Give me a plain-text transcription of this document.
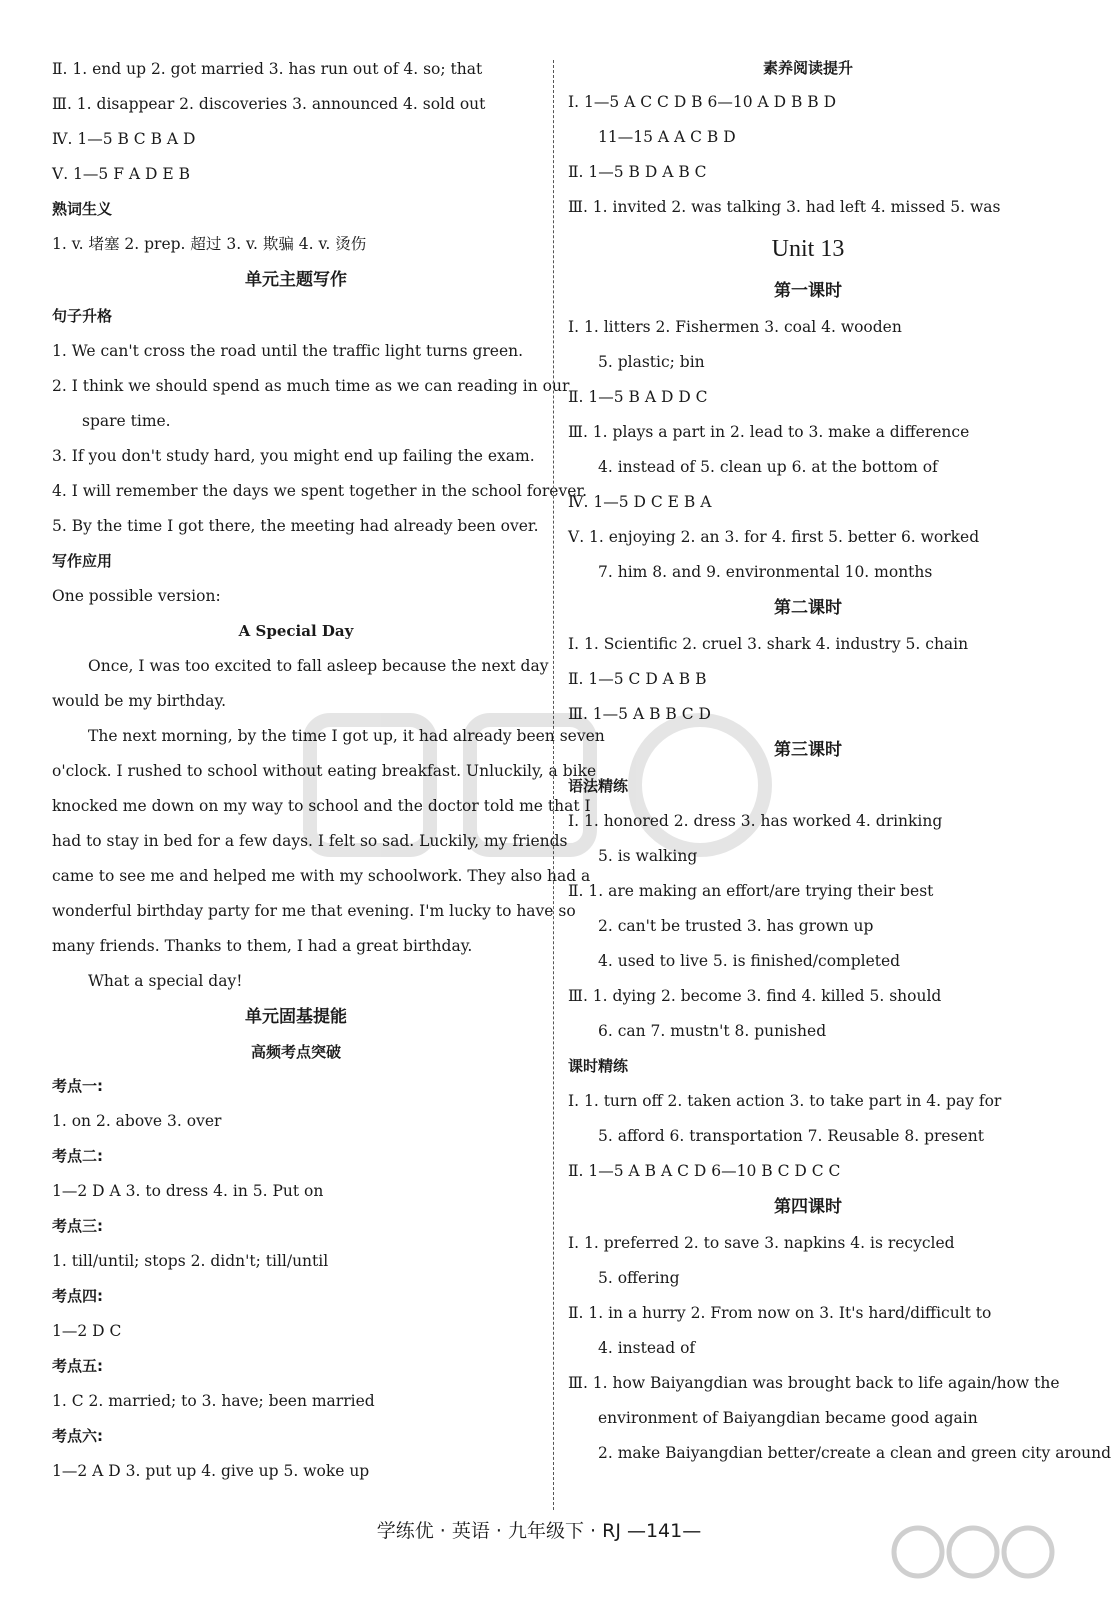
Ⅱ. 1. end up 2. got married 3. has run out of 4. so; that
Ⅲ. 1. disappear 2. discoveries 3. announced 4. sold out
Ⅳ. 1—5 B C B A D
Ⅴ. 1—5 F A D E B
熟词生义
1. v. 堵塞 2. prep. 超过 3. v. 欺骗 4. v. 烫伤
单元主题写作
句子升格
1. We can't cross the road until the traffic light turns green.
2. I think we should spend as much time as we can reading in our
spare time.
3. If you don't study hard, you might end up failing the exam.
4. I will remember the days we spent together in the school forever.
5. By the time I got there, the meeting had already been over.
写作应用
One possible version:
A Special Day
Once, I was too excited to fall asleep because the next day
would be my birthday.
The next morning, by the time I got up, it had already been seven
o'clock. I rushed to school without eating breakfast. Unluckily, a bike
knocked me down on my way to school and the doctor told me that I
had to stay in bed for a few days. I felt so sad. Luckily, my friends
came to see me and helped me with my schoolwork. They also had a
wonderful birthday party for me that evening. I'm lucky to have so
many friends. Thanks to them, I had a great birthday.
What a special day!
单元固基提能
高频考点突破
考点一:
1. on 2. above 3. over
考点二:
1—2 D A 3. to dress 4. in 5. Put on
考点三:
1. till/until; stops 2. didn't; till/until
考点四:
1—2 D C
考点五:
1. C 2. married; to 3. have; been married
考点六:
1—2 A D 3. put up 4. give up 5. woke up
素养阅读提升
Ⅰ. 1—5 A C C D B 6—10 A D B B D
11—15 A A C B D
Ⅱ. 1—5 B D A B C
Ⅲ. 1. invited 2. was talking 3. had left 4. missed 5. was
Unit 13
第一课时
Ⅰ. 1. litters 2. Fishermen 3. coal 4. wooden
5. plastic; bin
Ⅱ. 1—5 B A D D C
Ⅲ. 1. plays a part in 2. lead to 3. make a difference
4. instead of 5. clean up 6. at the bottom of
Ⅳ. 1—5 D C E B A
Ⅴ. 1. enjoying 2. an 3. for 4. first 5. better 6. worked
7. him 8. and 9. environmental 10. months
第二课时
Ⅰ. 1. Scientific 2. cruel 3. shark 4. industry 5. chain
Ⅱ. 1—5 C D A B B
Ⅲ. 1—5 A B B C D
第三课时
语法精练
Ⅰ. 1. honored 2. dress 3. has worked 4. drinking
5. is walking
Ⅱ. 1. are making an effort/are trying their best
2. can't be trusted 3. has grown up
4. used to live 5. is finished/completed
Ⅲ. 1. dying 2. become 3. find 4. killed 5. should
6. can 7. mustn't 8. punished
课时精练
Ⅰ. 1. turn off 2. taken action 3. to take part in 4. pay for
5. afford 6. transportation 7. Reusable 8. present
Ⅱ. 1—5 A B A C D 6—10 B C D C C
第四课时
Ⅰ. 1. preferred 2. to save 3. napkins 4. is recycled
5. offering
Ⅱ. 1. in a hurry 2. From now on 3. It's hard/difficult to
4. instead of
Ⅲ. 1. how Baiyangdian was brought back to life again/how the
environment of Baiyangdian became good again
2. make Baiyangdian better/create a clean and green city around
学练优 · 英语 · 九年级下 · RJ —141—
